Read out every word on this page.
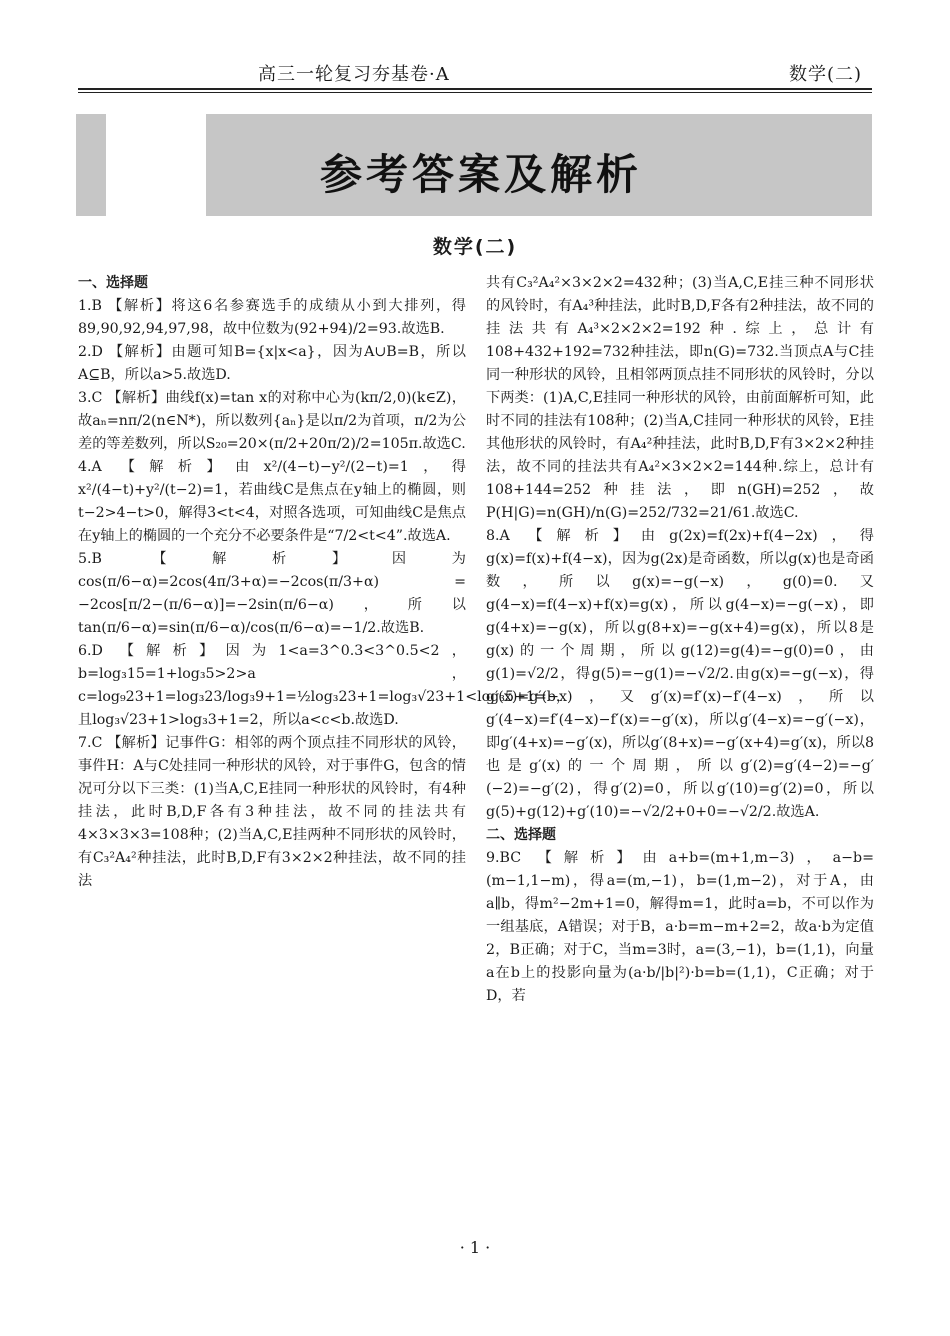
高三一轮复习夯基卷·A	数学(二)
参考答案及解析
数学(二)
一、选择题

1.B 【解析】将这6名参赛选手的成绩从小到大排列，得89,90,92,94,97,98，故中位数为(92+94)/2=93.故选B.

2.D 【解析】由题可知B={x|x<a}，因为A∪B=B，所以A⊆B，所以a>5.故选D.

3.C 【解析】曲线f(x)=tan x的对称中心为(kπ/2,0)(k∈Z)，故aₙ=nπ/2(n∈N*)，所以数列{aₙ}是以π/2为首项，π/2为公差的等差数列，所以S₂₀=20×(π/2+20π/2)/2=105π.故选C.

4.A 【解析】由x²/(4−t)−y²/(2−t)=1，得x²/(4−t)+y²/(t−2)=1，若曲线C是焦点在y轴上的椭圆，则t−2>4−t>0，解得3<t<4，对照各选项，可知曲线C是焦点在y轴上的椭圆的一个充分不必要条件是“7/2<t<4”.故选A.

5.B 【解析】因为cos(π/6−α)=2cos(4π/3+α)=−2cos(π/3+α) = −2cos[π/2−(π/6−α)]=−2sin(π/6−α)，所以tan(π/6−α)=sin(π/6−α)/cos(π/6−α)=−1/2.故选B.

6.D 【解析】因为1<a=3^0.3<3^0.5<2，b=log₃15=1+log₃5>2>a，c=log₉23+1=log₃23/log₃9+1=½log₃23+1=log₃√23+1<log₃5+1=b，且log₃√23+1>log₃3+1=2，所以a<c<b.故选D.

7.C 【解析】记事件G：相邻的两个顶点挂不同形状的风铃，事件H：A与C处挂同一种形状的风铃，对于事件G，包含的情况可分以下三类：(1)当A,C,E挂同一种形状的风铃时，有4种挂法，此时B,D,F各有3种挂法，故不同的挂法共有4×3×3×3=108种；(2)当A,C,E挂两种不同形状的风铃时，有C₃²A₄²种挂法，此时B,D,F有3×2×2种挂法，故不同的挂法

共有C₃²A₄²×3×2×2=432种；(3)当A,C,E挂三种不同形状的风铃时，有A₄³种挂法，此时B,D,F各有2种挂法，故不同的挂法共有A₄³×2×2×2=192种.综上，总计有108+432+192=732种挂法，即n(G)=732.当顶点A与C挂同一种形状的风铃，且相邻两顶点挂不同形状的风铃时，分以下两类：(1)A,C,E挂同一种形状的风铃，由前面解析可知，此时不同的挂法有108种；(2)当A,C挂同一种形状的风铃，E挂其他形状的风铃时，有A₄²种挂法，此时B,D,F有3×2×2种挂法，故不同的挂法共有A₄²×3×2×2=144种.综上，总计有108+144=252种挂法，即n(GH)=252，故P(H|G)=n(GH)/n(G)=252/732=21/61.故选C.

8.A 【解析】由g(2x)=f(2x)+f(4−2x)，得g(x)=f(x)+f(4−x)，因为g(2x)是奇函数，所以g(x)也是奇函数，所以g(x)=−g(−x)，g(0)=0.又g(4−x)=f(4−x)+f(x)=g(x)，所以g(4−x)=−g(−x)，即g(4+x)=−g(x)，所以g(8+x)=−g(x+4)=g(x)，所以8是g(x)的一个周期，所以g(12)=g(4)=−g(0)=0，由g(1)=√2/2，得g(5)=−g(1)=−√2/2.由g(x)=−g(−x)，得g′(x)=g′(−x)，又g′(x)=f′(x)−f′(4−x)，所以g′(4−x)=f′(4−x)−f′(x)=−g′(x)，所以g′(4−x)=−g′(−x)，即g′(4+x)=−g′(x)，所以g′(8+x)=−g′(x+4)=g′(x)，所以8也是g′(x)的一个周期，所以g′(2)=g′(4−2)=−g′(−2)=−g′(2)，得g′(2)=0，所以g′(10)=g′(2)=0，所以g(5)+g(12)+g′(10)=−√2/2+0+0=−√2/2.故选A.

二、选择题

9.BC 【解析】由a+b=(m+1,m−3)，a−b=(m−1,1−m)，得a=(m,−1)，b=(1,m−2)，对于A，由a∥b，得m²−2m+1=0，解得m=1，此时a=b，不可以作为一组基底，A错误；对于B，a·b=m−m+2=2，故a·b为定值2，B正确；对于C，当m=3时，a=(3,−1)，b=(1,1)，向量a在b上的投影向量为(a·b/|b|²)·b=b=(1,1)，C正确；对于D，若

· 1 ·
